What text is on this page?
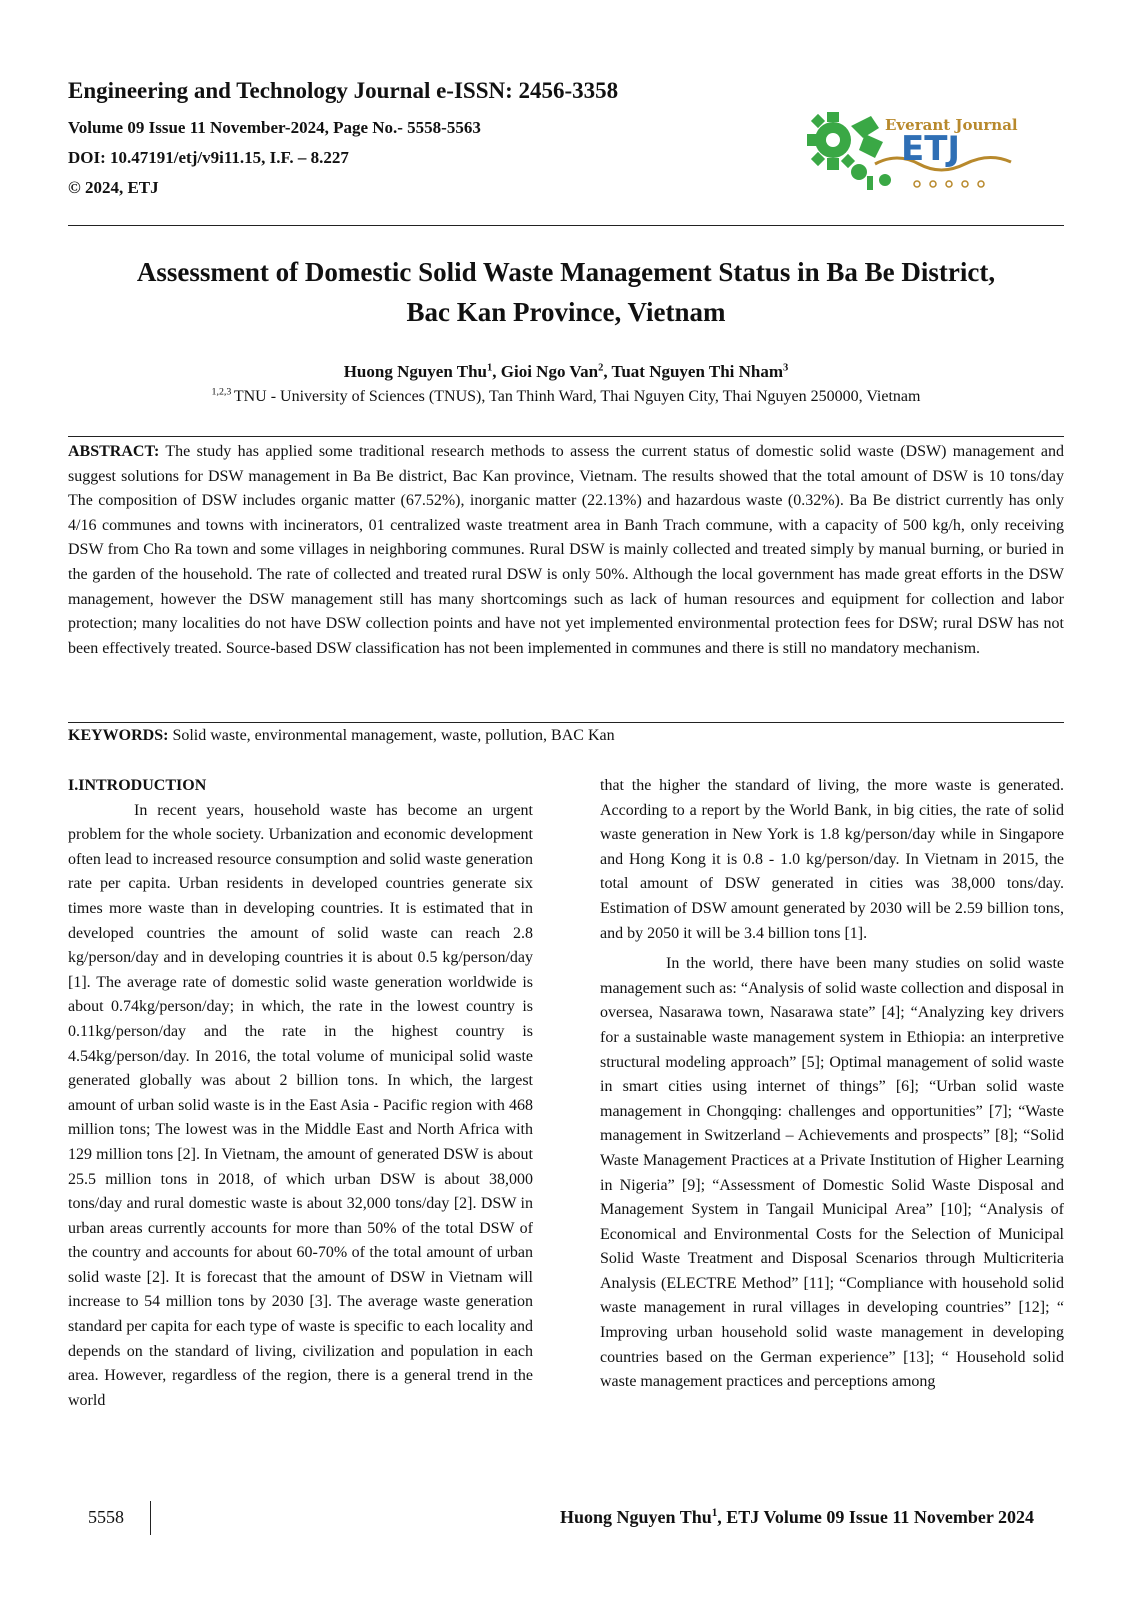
Engineering and Technology Journal e-ISSN: 2456-3358
Volume 09 Issue 11 November-2024, Page No.- 5558-5563
DOI: 10.47191/etj/v9i11.15, I.F. – 8.227
© 2024, ETJ
Everant Journal
ETJ
Assessment of Domestic Solid Waste Management Status in Ba Be District,
Bac Kan Province, Vietnam
Huong Nguyen Thu$^1$, Gioi Ngo Van$^2$, Tuat Nguyen Thi Nham$^3$
$^{1,2,3}$ TNU - University of Sciences (TNUS), Tan Thinh Ward, Thai Nguyen City, Thai Nguyen 250000, Vietnam
ABSTRACT: The study has applied some traditional research methods to assess the current status of domestic solid waste (DSW) management and suggest solutions for DSW management in Ba Be district, Bac Kan province, Vietnam. The results showed that the total amount of DSW is 10 tons/day The composition of DSW includes organic matter (67.52%), inorganic matter (22.13%) and hazardous waste (0.32%). Ba Be district currently has only 4/16 communes and towns with incinerators, 01 centralized waste treatment area in Banh Trach commune, with a capacity of 500 kg/h, only receiving DSW from Cho Ra town and some villages in neighboring communes. Rural DSW is mainly collected and treated simply by manual burning, or buried in the garden of the household. The rate of collected and treated rural DSW is only 50%. Although the local government has made great efforts in the DSW management, however the DSW management still has many shortcomings such as lack of human resources and equipment for collection and labor protection; many localities do not have DSW collection points and have not yet implemented environmental protection fees for DSW; rural DSW has not been effectively treated. Source-based DSW classification has not been implemented in communes and there is still no mandatory mechanism.
KEYWORDS: Solid waste, environmental management, waste, pollution, BAC Kan
I.INTRODUCTION

In recent years, household waste has become an urgent problem for the whole society. Urbanization and economic development often lead to increased resource consumption and solid waste generation rate per capita. Urban residents in developed countries generate six times more waste than in developing countries. It is estimated that in developed countries the amount of solid waste can reach 2.8 kg/person/day and in developing countries it is about 0.5 kg/person/day [1]. The average rate of domestic solid waste generation worldwide is about 0.74kg/person/day; in which, the rate in the lowest country is 0.11kg/person/day and the rate in the highest country is 4.54kg/person/day. In 2016, the total volume of municipal solid waste generated globally was about 2 billion tons. In which, the largest amount of urban solid waste is in the East Asia - Pacific region with 468 million tons; The lowest was in the Middle East and North Africa with 129 million tons [2]. In Vietnam, the amount of generated DSW is about 25.5 million tons in 2018, of which urban DSW is about 38,000 tons/day and rural domestic waste is about 32,000 tons/day [2]. DSW in urban areas currently accounts for more than 50% of the total DSW of the country and accounts for about 60-70% of the total amount of urban solid waste [2]. It is forecast that the amount of DSW in Vietnam will increase to 54 million tons by 2030 [3]. The average waste generation standard per capita for each type of waste is specific to each locality and depends on the standard of living, civilization and population in each area. However, regardless of the region, there is a general trend in the world

that the higher the standard of living, the more waste is generated. According to a report by the World Bank, in big cities, the rate of solid waste generation in New York is 1.8 kg/person/day while in Singapore and Hong Kong it is 0.8 - 1.0 kg/person/day. In Vietnam in 2015, the total amount of DSW generated in cities was 38,000 tons/day. Estimation of DSW amount generated by 2030 will be 2.59 billion tons, and by 2050 it will be 3.4 billion tons [1].

In the world, there have been many studies on solid waste management such as: “Analysis of solid waste collection and disposal in oversea, Nasarawa town, Nasarawa state” [4]; “Analyzing key drivers for a sustainable waste management system in Ethiopia: an interpretive structural modeling approach” [5]; Optimal management of solid waste in smart cities using internet of things” [6]; “Urban solid waste management in Chongqing: challenges and opportunities” [7]; “Waste management in Switzerland – Achievements and prospects” [8]; “Solid Waste Management Practices at a Private Institution of Higher Learning in Nigeria” [9]; “Assessment of Domestic Solid Waste Disposal and Management System in Tangail Municipal Area” [10]; “Analysis of Economical and Environmental Costs for the Selection of Municipal Solid Waste Treatment and Disposal Scenarios through Multicriteria Analysis (ELECTRE Method” [11]; “Compliance with household solid waste management in rural villages in developing countries” [12]; “ Improving urban household solid waste management in developing countries based on the German experience” [13]; “ Household solid waste management practices and perceptions among

5558	Huong Nguyen Thu$^1$, ETJ Volume 09 Issue 11 November 2024
